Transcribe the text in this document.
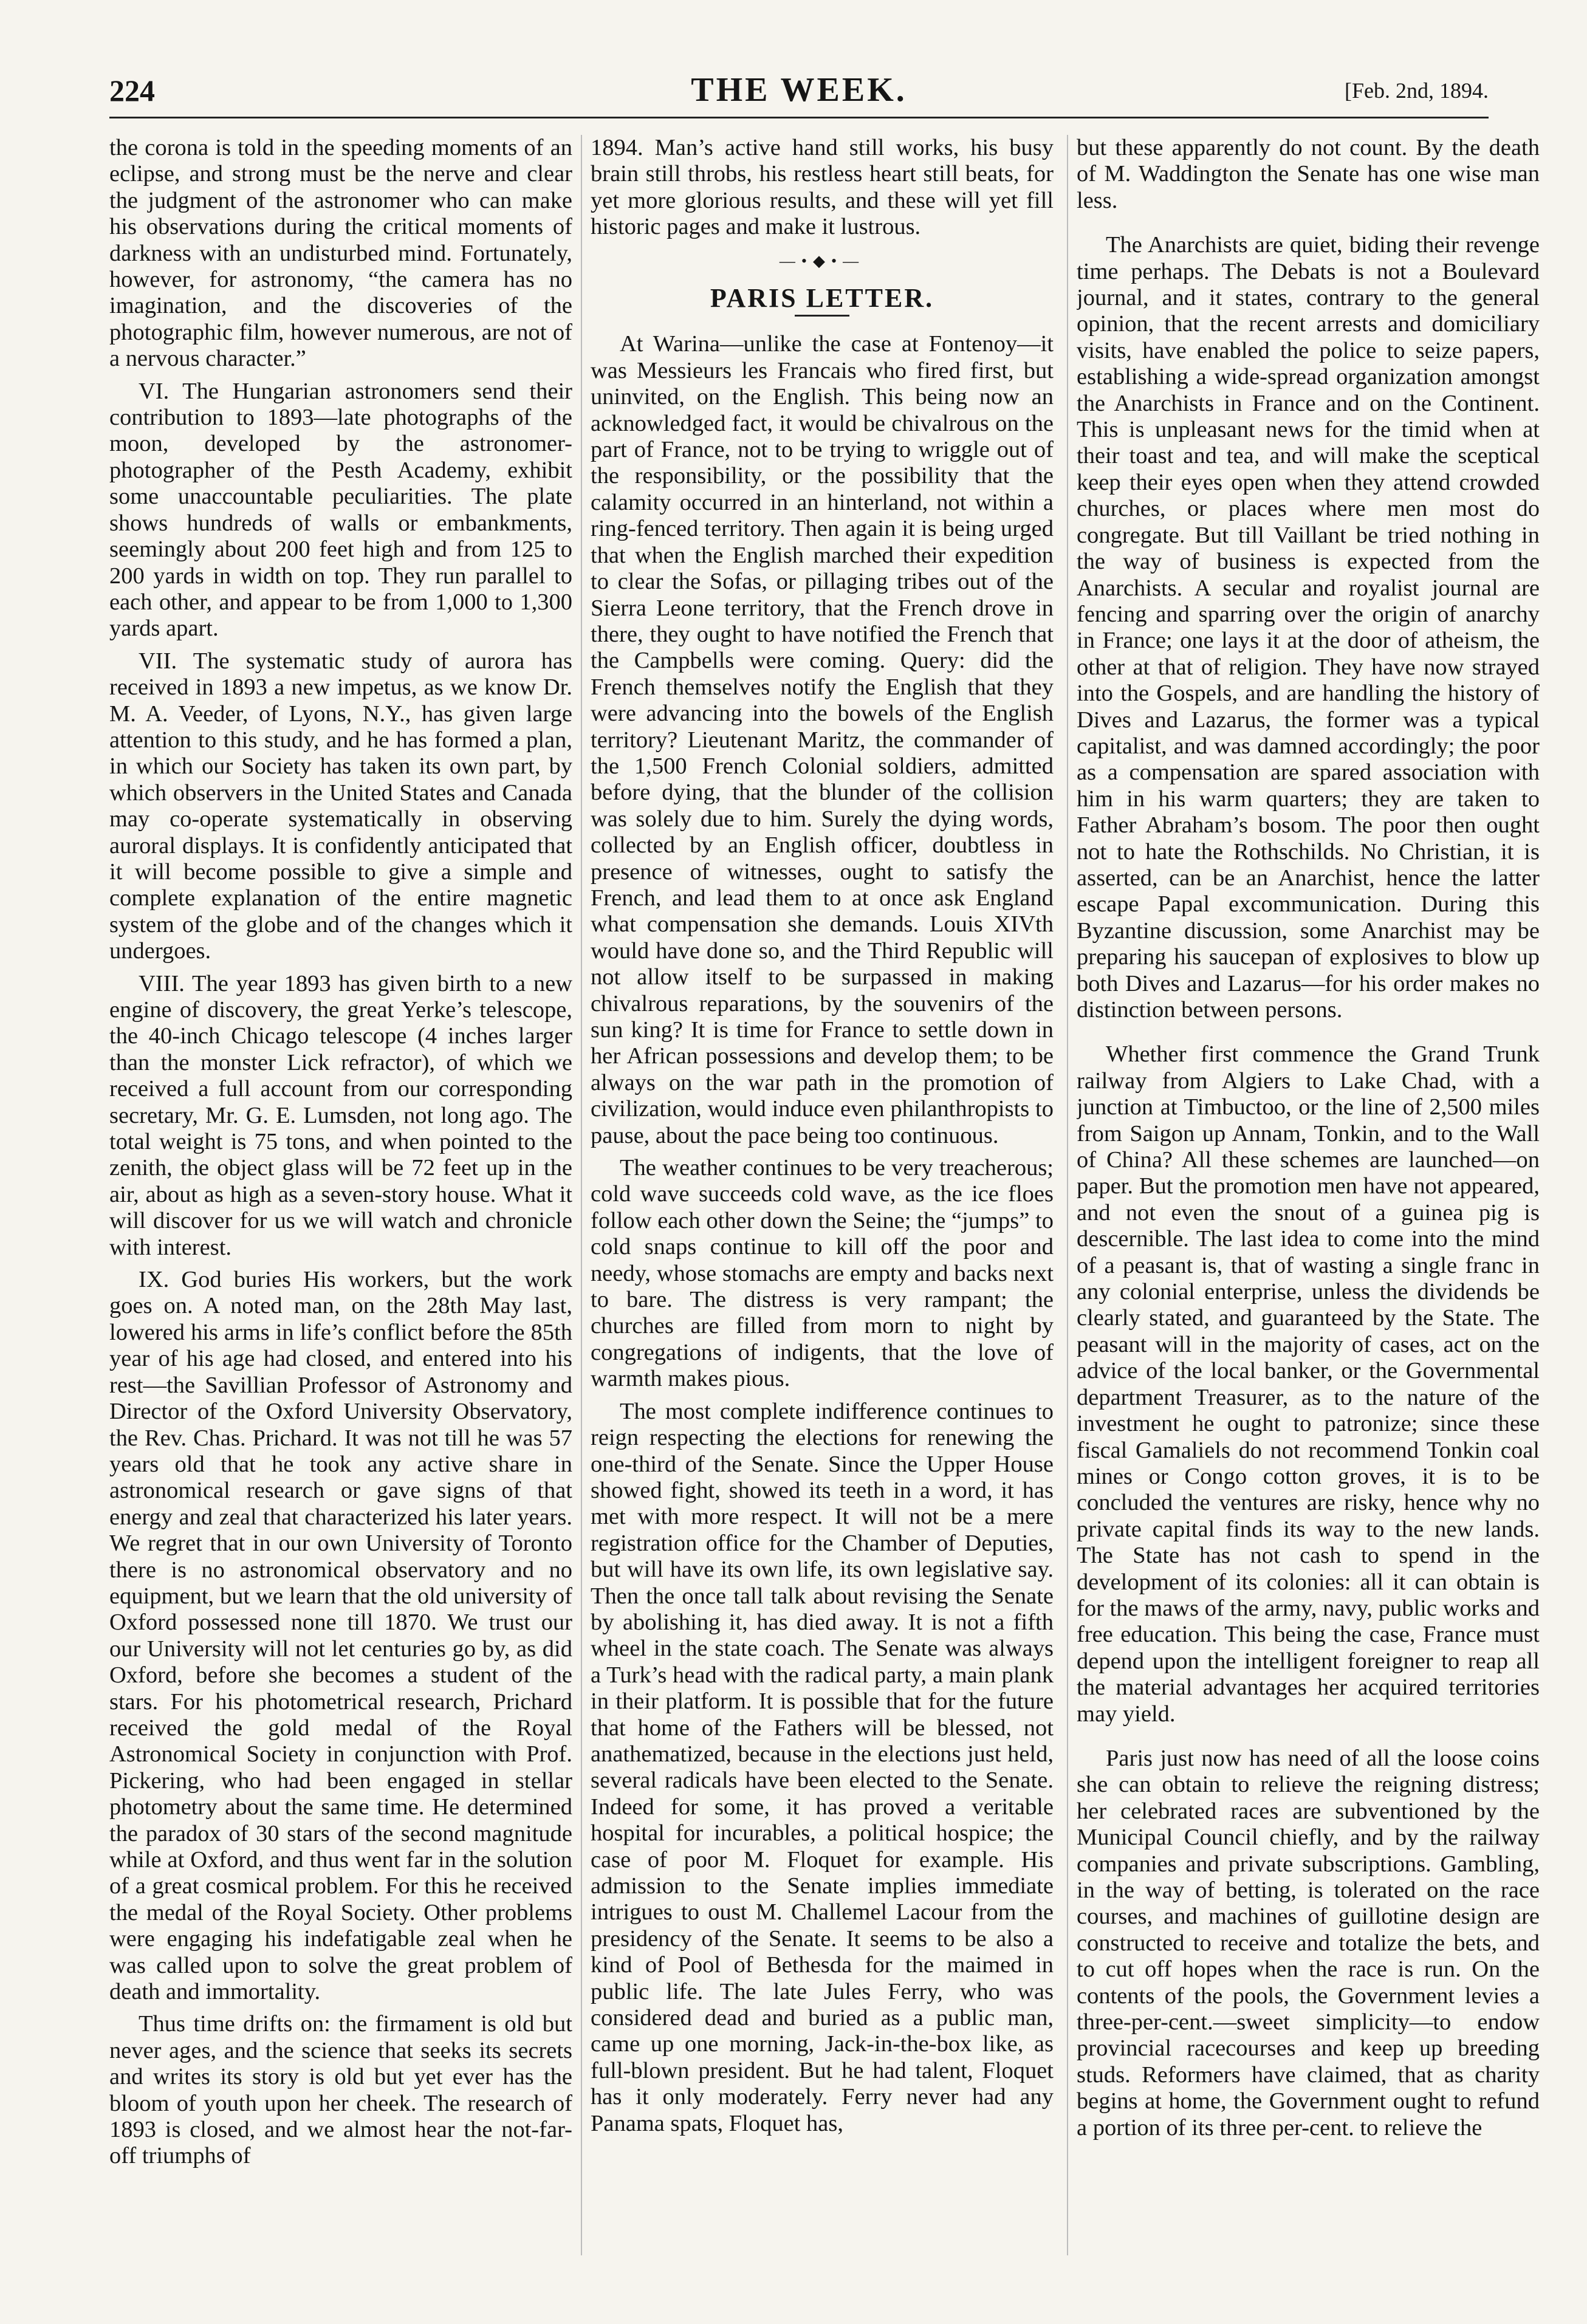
224	THE WEEK.	[Feb. 2nd, 1894.

the corona is told in the speeding moments of an eclipse, and strong must be the nerve and clear the judgment of the astronomer who can make his observations during the critical moments of darkness with an undisturbed mind. Fortunately, however, for astronomy, “the camera has no imagination, and the discoveries of the photographic film, however numerous, are not of a nervous character.”

VI. The Hungarian astronomers send their contribution to 1893—late photographs of the moon, developed by the astronomer-photographer of the Pesth Academy, exhibit some unaccountable peculiarities. The plate shows hundreds of walls or embankments, seemingly about 200 feet high and from 125 to 200 yards in width on top. They run parallel to each other, and appear to be from 1,000 to 1,300 yards apart.

VII. The systematic study of aurora has received in 1893 a new impetus, as we know Dr. M. A. Veeder, of Lyons, N.Y., has given large attention to this study, and he has formed a plan, in which our Society has taken its own part, by which observers in the United States and Canada may co-operate systematically in observing auroral displays. It is confidently anticipated that it will become possible to give a simple and complete explanation of the entire magnetic system of the globe and of the changes which it undergoes.

VIII. The year 1893 has given birth to a new engine of discovery, the great Yerke’s telescope, the 40-inch Chicago telescope (4 inches larger than the monster Lick refractor), of which we received a full account from our corresponding secretary, Mr. G. E. Lumsden, not long ago. The total weight is 75 tons, and when pointed to the zenith, the object glass will be 72 feet up in the air, about as high as a seven-story house. What it will discover for us we will watch and chronicle with interest.

IX. God buries His workers, but the work goes on. A noted man, on the 28th May last, lowered his arms in life’s conflict before the 85th year of his age had closed, and entered into his rest—the Savillian Professor of Astronomy and Director of the Oxford University Observatory, the Rev. Chas. Prichard. It was not till he was 57 years old that he took any active share in astronomical research or gave signs of that energy and zeal that characterized his later years. We regret that in our own University of Toronto there is no astronomical observatory and no equipment, but we learn that the old university of Oxford possessed none till 1870. We trust our our University will not let centuries go by, as did Oxford, before she becomes a student of the stars. For his photometrical research, Prichard received the gold medal of the Royal Astronomical Society in conjunction with Prof. Pickering, who had been engaged in stellar photometry about the same time. He determined the paradox of 30 stars of the second magnitude while at Oxford, and thus went far in the solution of a great cosmical problem. For this he received the medal of the Royal Society. Other problems were engaging his indefatigable zeal when he was called upon to solve the great problem of death and immortality.

Thus time drifts on: the firmament is old but never ages, and the science that seeks its secrets and writes its story is old but yet ever has the bloom of youth upon her cheek. The research of 1893 is closed, and we almost hear the not-far-off triumphs of

1894. Man’s active hand still works, his busy brain still throbs, his restless heart still beats, for yet more glorious results, and these will yet fill historic pages and make it lustrous.

—•◆•—
PARIS LETTER.

At Warina—unlike the case at Fontenoy—it was Messieurs les Francais who fired first, but uninvited, on the English. This being now an acknowledged fact, it would be chivalrous on the part of France, not to be trying to wriggle out of the responsibility, or the possibility that the calamity occurred in an hinterland, not within a ring-fenced territory. Then again it is being urged that when the English marched their expedition to clear the Sofas, or pillaging tribes out of the Sierra Leone territory, that the French drove in there, they ought to have notified the French that the Campbells were coming. Query: did the French themselves notify the English that they were advancing into the bowels of the English territory? Lieutenant Maritz, the commander of the 1,500 French Colonial soldiers, admitted before dying, that the blunder of the collision was solely due to him. Surely the dying words, collected by an English officer, doubtless in presence of witnesses, ought to satisfy the French, and lead them to at once ask England what compensation she demands. Louis XIVth would have done so, and the Third Republic will not allow itself to be surpassed in making chivalrous reparations, by the souvenirs of the sun king? It is time for France to settle down in her African possessions and develop them; to be always on the war path in the promotion of civilization, would induce even philanthropists to pause, about the pace being too continuous.

The weather continues to be very treacherous; cold wave succeeds cold wave, as the ice floes follow each other down the Seine; the “jumps” to cold snaps continue to kill off the poor and needy, whose stomachs are empty and backs next to bare. The distress is very rampant; the churches are filled from morn to night by congregations of indigents, that the love of warmth makes pious.

The most complete indifference continues to reign respecting the elections for renewing the one-third of the Senate. Since the Upper House showed fight, showed its teeth in a word, it has met with more respect. It will not be a mere registration office for the Chamber of Deputies, but will have its own life, its own legislative say. Then the once tall talk about revising the Senate by abolishing it, has died away. It is not a fifth wheel in the state coach. The Senate was always a Turk’s head with the radical party, a main plank in their platform. It is possible that for the future that home of the Fathers will be blessed, not anathematized, because in the elections just held, several radicals have been elected to the Senate. Indeed for some, it has proved a veritable hospital for incurables, a political hospice; the case of poor M. Floquet for example. His admission to the Senate implies immediate intrigues to oust M. Challemel Lacour from the presidency of the Senate. It seems to be also a kind of Pool of Bethesda for the maimed in public life. The late Jules Ferry, who was considered dead and buried as a public man, came up one morning, Jack-in-the-box like, as full-blown president. But he had talent, Floquet has it only moderately. Ferry never had any Panama spats, Floquet has,

but these apparently do not count. By the death of M. Waddington the Senate has one wise man less.

The Anarchists are quiet, biding their revenge time perhaps. The Debats is not a Boulevard journal, and it states, contrary to the general opinion, that the recent arrests and domiciliary visits, have enabled the police to seize papers, establishing a wide-spread organization amongst the Anarchists in France and on the Continent. This is unpleasant news for the timid when at their toast and tea, and will make the sceptical keep their eyes open when they attend crowded churches, or places where men most do congregate. But till Vaillant be tried nothing in the way of business is expected from the Anarchists. A secular and royalist journal are fencing and sparring over the origin of anarchy in France; one lays it at the door of atheism, the other at that of religion. They have now strayed into the Gospels, and are handling the history of Dives and Lazarus, the former was a typical capitalist, and was damned accordingly; the poor as a compensation are spared association with him in his warm quarters; they are taken to Father Abraham’s bosom. The poor then ought not to hate the Rothschilds. No Christian, it is asserted, can be an Anarchist, hence the latter escape Papal excommunication. During this Byzantine discussion, some Anarchist may be preparing his saucepan of explosives to blow up both Dives and Lazarus—for his order makes no distinction between persons.

Whether first commence the Grand Trunk railway from Algiers to Lake Chad, with a junction at Timbuctoo, or the line of 2,500 miles from Saigon up Annam, Tonkin, and to the Wall of China? All these schemes are launched—on paper. But the promotion men have not appeared, and not even the snout of a guinea pig is descernible. The last idea to come into the mind of a peasant is, that of wasting a single franc in any colonial enterprise, unless the dividends be clearly stated, and guaranteed by the State. The peasant will in the majority of cases, act on the advice of the local banker, or the Governmental department Treasurer, as to the nature of the investment he ought to patronize; since these fiscal Gamaliels do not recommend Tonkin coal mines or Congo cotton groves, it is to be concluded the ventures are risky, hence why no private capital finds its way to the new lands. The State has not cash to spend in the development of its colonies: all it can obtain is for the maws of the army, navy, public works and free education. This being the case, France must depend upon the intelligent foreigner to reap all the material advantages her acquired territories may yield.

Paris just now has need of all the loose coins she can obtain to relieve the reigning distress; her celebrated races are subventioned by the Municipal Council chiefly, and by the railway companies and private subscriptions. Gambling, in the way of betting, is tolerated on the race courses, and machines of guillotine design are constructed to receive and totalize the bets, and to cut off hopes when the race is run. On the contents of the pools, the Government levies a three-per-cent.—sweet simplicity—to endow provincial racecourses and keep up breeding studs. Reformers have claimed, that as charity begins at home, the Government ought to refund a portion of its three per-cent. to relieve the
